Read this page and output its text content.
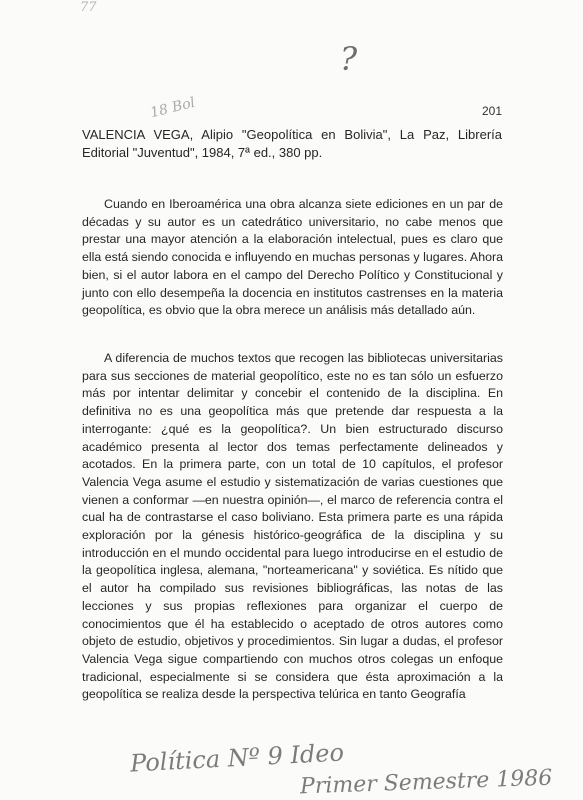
77
?
18 Bol	201

VALENCIA VEGA, Alipio "Geopolítica en Bolivia", La Paz, Librería Editorial "Juventud", 1984, 7ª ed., 380 pp.

Cuando en Iberoamérica una obra alcanza siete ediciones en un par de décadas y su autor es un catedrático universitario, no cabe menos que prestar una mayor atención a la elaboración intelectual, pues es claro que ella está siendo conocida e influyendo en muchas personas y lugares. Ahora bien, si el autor labora en el campo del Derecho Político y Constitucional y junto con ello desempeña la docencia en institutos castrenses en la materia geopolítica, es obvio que la obra merece un análisis más detallado aún.

A diferencia de muchos textos que recogen las bibliotecas universitarias para sus secciones de material geopolítico, este no es tan sólo un esfuerzo más por intentar delimitar y concebir el contenido de la disciplina. En definitiva no es una geopolítica más que pretende dar respuesta a la interrogante: ¿qué es la geopolítica?. Un bien estructurado discurso académico presenta al lector dos temas perfectamente delineados y acotados. En la primera parte, con un total de 10 capítulos, el profesor Valencia Vega asume el estudio y sistematización de varias cuestiones que vienen a conformar —en nuestra opinión—, el marco de referencia contra el cual ha de contrastarse el caso boliviano. Esta primera parte es una rápida exploración por la génesis histórico-geográfica de la disciplina y su introducción en el mundo occidental para luego introducirse en el estudio de la geopolítica inglesa, alemana, "norteamericana" y soviética. Es nítido que el autor ha compilado sus revisiones bibliográficas, las notas de las lecciones y sus propias reflexiones para organizar el cuerpo de conocimientos que él ha establecido o aceptado de otros autores como objeto de estudio, objetivos y procedimientos. Sin lugar a dudas, el profesor Valencia Vega sigue compartiendo con muchos otros colegas un enfoque tradicional, especialmente si se considera que ésta aproximación a la geopolítica se realiza desde la perspectiva telúrica en tanto Geografía

Política Nº 9 Ideo
Primer Semestre 1986
